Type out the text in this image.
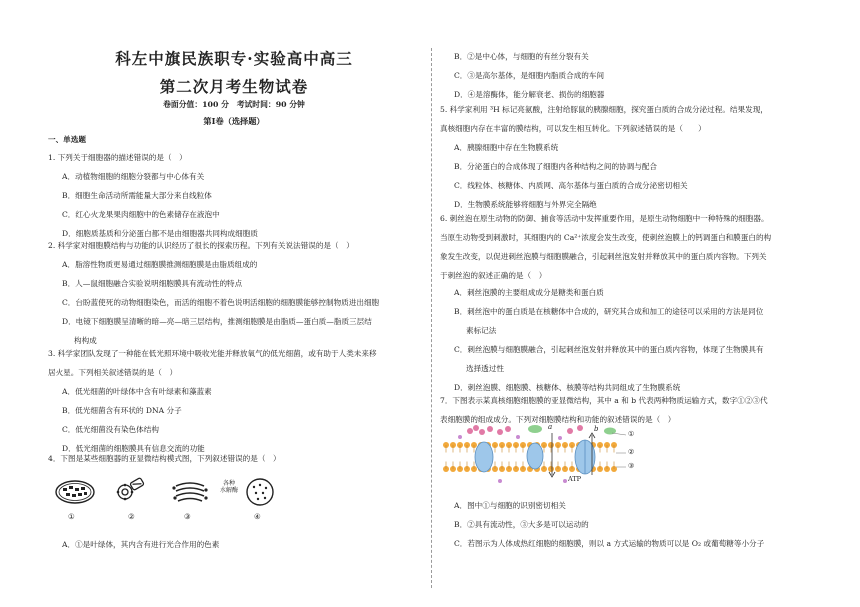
科左中旗民族职专·实验高中高三
第二次月考生物试卷
卷面分值：100 分　考试时间：90 分钟
第Ⅰ卷（选择题）
一、单选题
1. 下列关于细胞器的描述错误的是（　）
A．动植物细胞的细胞分裂都与中心体有关
B．细胞生命活动所需能量大部分来自线粒体
C．红心火龙果果肉细胞中的色素储存在液泡中
D．细胞质基质和分泌蛋白都不是由细胞器共同构成细胞质
2. 科学家对细胞膜结构与功能的认识经历了很长的探索历程。下列有关说法错误的是（　）
A．脂溶性物质更易通过细胞膜推测细胞膜是由脂质组成的
B．人—鼠细胞融合实验说明细胞膜具有流动性的特点
C．台盼蓝使死的动物细胞染色，而活的细胞不着色说明活细胞的细胞膜能够控制物质进出细胞
D．电镜下细胞膜呈清晰的暗—亮—暗三层结构，推测细胞膜是由脂质—蛋白质—脂质三层结
构构成
3. 科学家团队发现了一种能在低光照环境中吸收光能并释放氧气的低光细菌，或有助于人类未来移
居火星。下列相关叙述错误的是（　）
A．低光细菌的叶绿体中含有叶绿素和藻蓝素
B．低光细菌含有环状的 DNA 分子
C．低光细菌没有染色体结构
D．低光细菌的细胞膜具有信息交流的功能
4．下图是某些细胞器的亚显微结构模式图，下列叙述错误的是（　）
①	②	③
各种
水解酶
④
A．①是叶绿体，其内含有进行光合作用的色素
B．②是中心体，与细胞的有丝分裂有关
C．③是高尔基体，是细胞内脂质合成的车间
D．④是溶酶体，能分解衰老、损伤的细胞器
5. 科学家利用 ³H 标记亮氨酸，注射给豚鼠的胰腺细胞，探究蛋白质的合成分泌过程。结果发现，
真核细胞内存在丰富的膜结构，可以发生相互转化。下列叙述错误的是（　　）
A．胰腺细胞中存在生物膜系统
B．分泌蛋白的合成体现了细胞内各种结构之间的协调与配合
C．线粒体、核糖体、内质网、高尔基体与蛋白质的合成分泌密切相关
D．生物膜系统能够将细胞与外界完全隔绝
6. 刺丝泡在原生动物的防御、捕食等活动中发挥重要作用，是原生动物细胞中一种特殊的细胞器。
当原生动物受到刺激时，其细胞内的 Ca²⁺浓度会发生改变，使刺丝泡膜上的钙调蛋白和膜蛋白的构
象发生改变，以促进刺丝泡膜与细胞膜融合，引起刺丝泡发射并释放其中的蛋白质内容物。下列关
于刺丝泡的叙述正确的是（　）
A．刺丝泡膜的主要组成成分是糖类和蛋白质
B．刺丝泡中的蛋白质是在核糖体中合成的，研究其合成和加工的途径可以采用的方法是同位
素标记法
C．刺丝泡膜与细胞膜融合，引起刺丝泡发射并释放其中的蛋白质内容物，体现了生物膜具有
选择透过性
D．刺丝泡膜、细胞膜、核糖体、核膜等结构共同组成了生物膜系统
7．下图表示某真核细胞细胞膜的亚显微结构，其中 a 和 b 代表两种物质运输方式，数字①②③代
表细胞膜的组成成分。下列对细胞膜结构和功能的叙述错误的是（　）
a	b
ATP
①
②
③
A．图中①与细胞的识别密切相关
B．②具有流动性，③大多是可以运动的
C．若图示为人体成热红细胞的细胞膜，则以 a 方式运输的物质可以是 O₂ 或葡萄糖等小分子
